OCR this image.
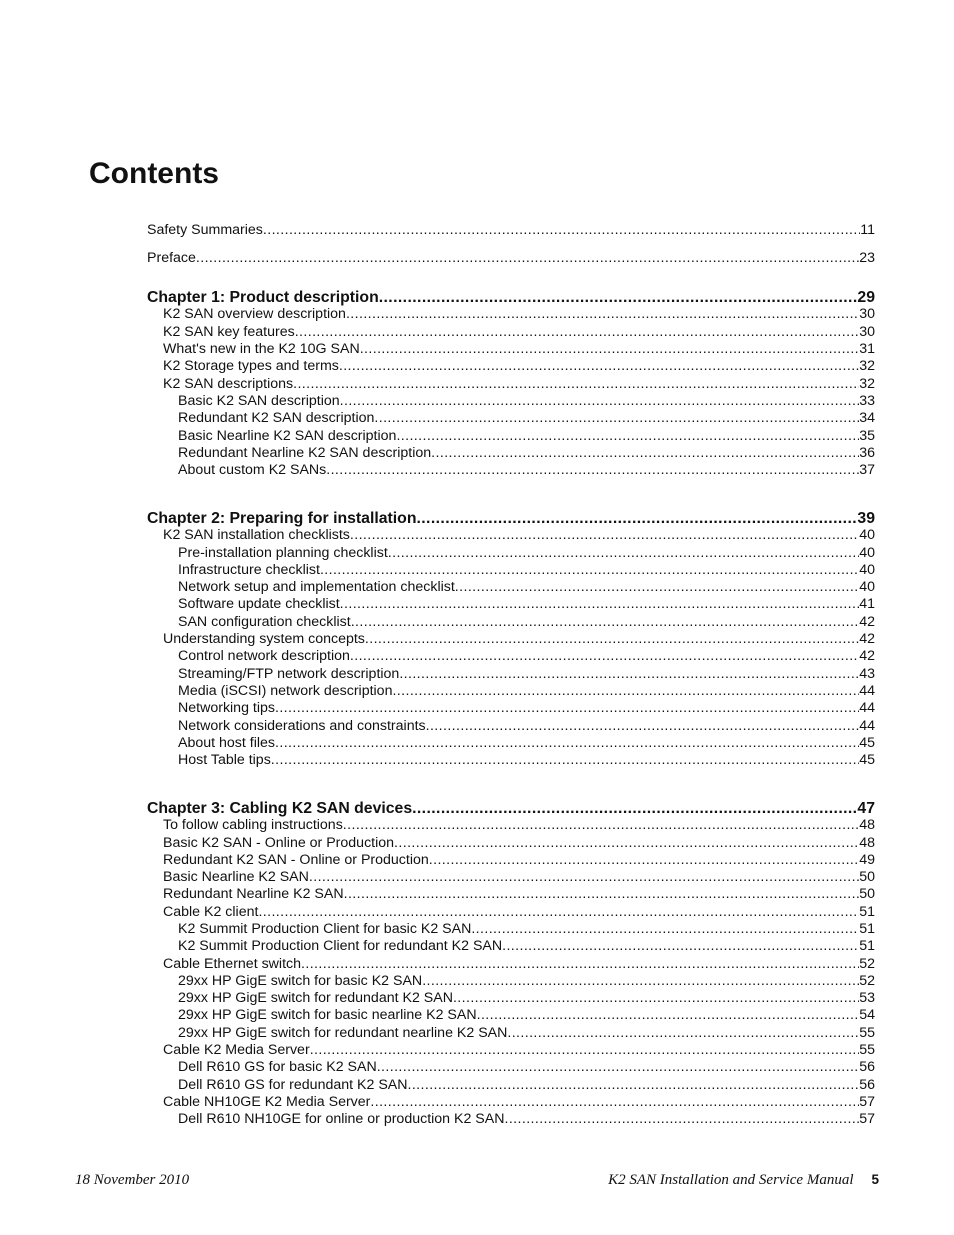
Contents
Safety Summaries .....	11
Preface .....	23
Chapter 1: Product description .....	29
K2 SAN overview description .....	30
K2 SAN key features .....	30
What's new in the K2 10G SAN .....	31
K2 Storage types and terms .....	32
K2 SAN descriptions .....	32
Basic K2 SAN description .....	33
Redundant K2 SAN description .....	34
Basic Nearline K2 SAN description .....	35
Redundant Nearline K2 SAN description .....	36
About custom K2 SANs .....	37
Chapter 2: Preparing for installation .....	39
K2 SAN installation checklists .....	40
Pre-installation planning checklist .....	40
Infrastructure checklist .....	40
Network setup and implementation checklist .....	40
Software update checklist .....	41
SAN configuration checklist .....	42
Understanding system concepts .....	42
Control network description .....	42
Streaming/FTP network description .....	43
Media (iSCSI) network description .....	44
Networking tips .....	44
Network considerations and constraints .....	44
About host files .....	45
Host Table tips .....	45
Chapter 3: Cabling K2 SAN devices .....	47
To follow cabling instructions .....	48
Basic K2 SAN - Online or Production .....	48
Redundant K2 SAN - Online or Production .....	49
Basic Nearline K2 SAN .....	50
Redundant Nearline K2 SAN .....	50
Cable K2 client .....	51
K2 Summit Production Client for basic K2 SAN .....	51
K2 Summit Production Client for redundant K2 SAN .....	51
Cable Ethernet switch .....	52
29xx HP GigE switch for basic K2 SAN .....	52
29xx HP GigE switch for redundant K2 SAN .....	53
29xx HP GigE switch for basic nearline K2 SAN .....	54
29xx HP GigE switch for redundant nearline K2 SAN .....	55
Cable K2 Media Server .....	55
Dell R610 GS for basic K2 SAN .....	56
Dell R610 GS for redundant K2 SAN .....	56
Cable NH10GE K2 Media Server .....	57
Dell R610 NH10GE for online or production K2 SAN .....	57
18 November 2010	K2 SAN Installation and Service Manual 5
